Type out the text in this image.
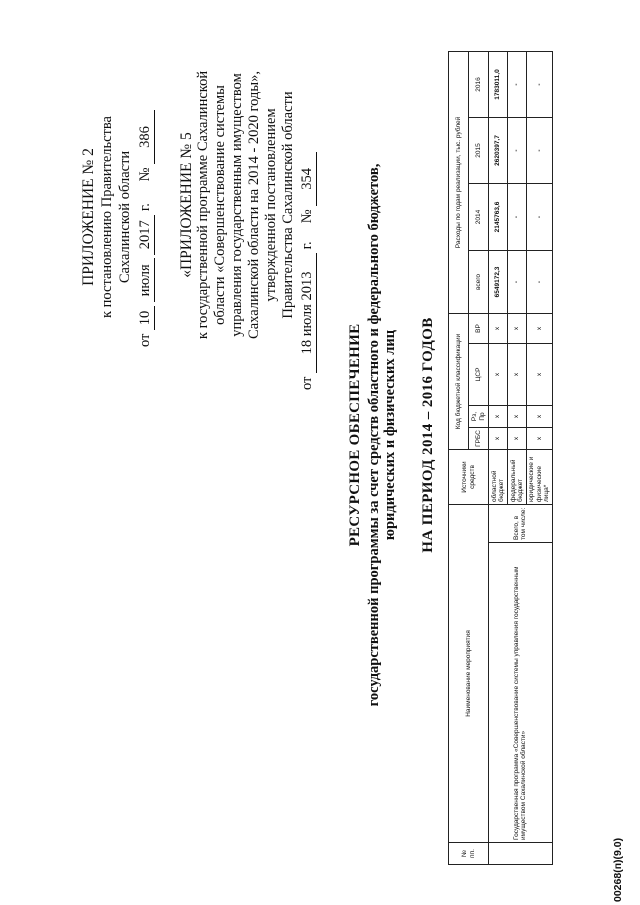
ПРИЛОЖЕНИЕ № 2 к постановлению Правительства Сахалинской области
от 10 июля 2017 г.      № 386 «ПРИЛОЖЕНИЕ № 5 к государственной программе Сахалинской области «Совершенствование системы управления государственным имуществом Сахалинской области на 2014 - 2020 годы», утвержденной постановлением Правительства Сахалинской области
от 18 июля 2013 г.     № 354
РЕСУРСНОЕ ОБЕСПЕЧЕНИЕ государственной программы за счет средств областного и федерального бюджетов, юридических и физических лиц НА ПЕРИОД 2014 – 2016 ГОДОВ
№ пп.	Наименование мероприятия		Источники средств	Код бюджетной классификации				Расходы по годам реализации, тыс. рублей			
				ГРБС	Рз, Пр	ЦСР	ВР	всего	2014	2015	2016
	Государственная программа «Совершенствование системы управления государственным имуществом Сахалинской области»	Всего, в том числе:	областной бюджет	x	x	x	x	6549172,3	2145763,6	2620397,7	1783011,0
			федеральный бюджет	x	x	x	x	-	-	-	-
			юридические и физические лица*	x	x	x	x	-	-	-	-
00268(п)(9.0)
